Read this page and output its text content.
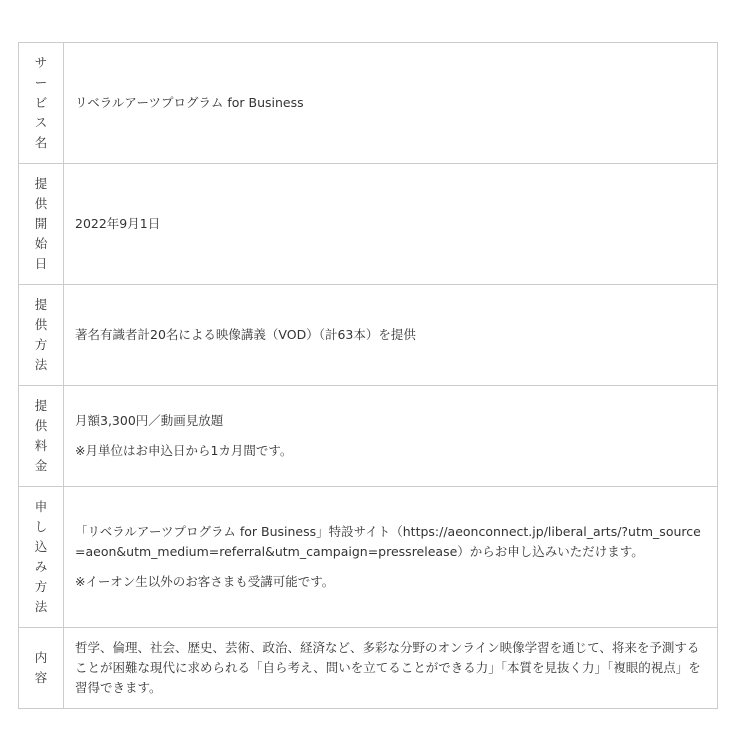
サービス名	リベラルアーツプログラム for Business

提供開始日	2022年9月1日

提供方法	著名有識者計20名による映像講義（VOD）（計63本）を提供

提供料金	月額3,300円／動画見放題

※月単位はお申込日から1カ月間です。

申し込み方法	「リベラルアーツプログラム for Business」特設サイト（https://aeonconnect.jp/liberal_arts/?utm_source=aeon&utm_medium=referral&utm_campaign=pressrelease）からお申し込みいただけます。

※イーオン生以外のお客さまも受講可能です。

内容	哲学、倫理、社会、歴史、芸術、政治、経済など、多彩な分野のオンライン映像学習を通じて、将来を予測することが困難な現代に求められる「自ら考え、問いを立てることができる力」「本質を見抜く力」「複眼的視点」を習得できます。
